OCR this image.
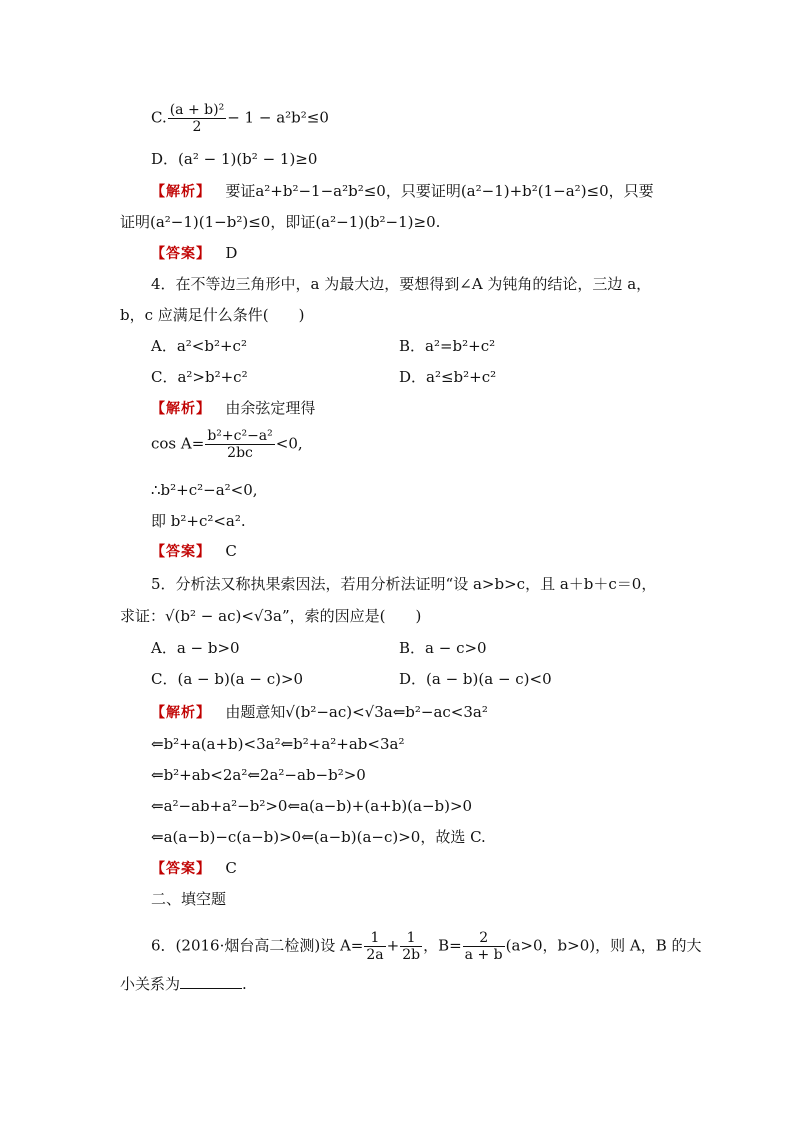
C. $\frac{\text{(a + b)²}}{2} - 1 - a^2b^2\le 0$
D．(a² − 1)(b² − 1)≥0
【解析】 要证a²+b²−1−a²b²≤0，只要证明(a²−1)+b²(1−a²)≤0，只要
证明(a²−1)(1−b²)≤0，即证(a²−1)(b²−1)≥0.
【答案】 D
4．在不等边三角形中，a 为最大边，要想得到∠A 为钝角的结论，三边 a，
b，c 应满足什么条件(　　)
A．a²<b²+c²	B．a²=b²+c²
C．a²>b²+c²	D．a²≤b²+c²
【解析】 由余弦定理得
$\cos A= \frac{\text{b²+c²−a²}}{2bc} <0$,
∴b²+c²−a²<0,
即 b²+c²<a².
【答案】 C
5．分析法又称执果索因法，若用分析法证明“设 a>b>c，且 a＋b＋c＝0，
求证：√(b² − ac)<√3a”，索的因应是(　　)
A．a − b>0	B．a − c>0
C．(a − b)(a − c)>0	D．(a − b)(a − c)<0
【解析】 由题意知√(b²−ac)<√3a⇐b²−ac<3a²
⇐b²+a(a+b)<3a²⇐b²+a²+ab<3a²
⇐b²+ab<2a²⇐2a²−ab−b²>0
⇐a²−ab+a²−b²>0⇐a(a−b)+(a+b)(a−b)>0
⇐a(a−b)−c(a−b)>0⇐(a−b)(a−c)>0，故选 C.
【答案】 C
二、填空题
6．(2016·烟台高二检测)设 $A= \frac{1}{2a} + \frac{1}{2b}$ ，$B= \frac{2}{a + b} (a>0$，b>0)，则 A，B 的大
小关系为	.
